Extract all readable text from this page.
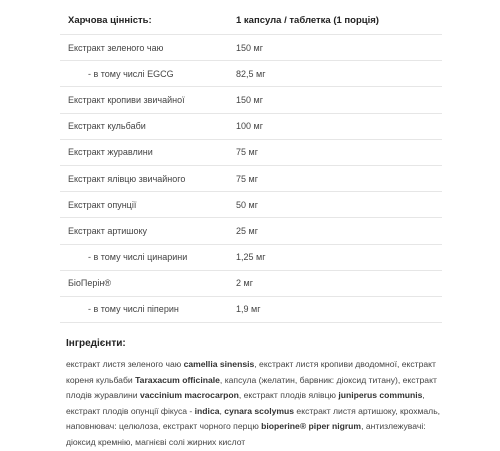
Харчова цінність:	1 капсула / таблетка (1 порція)
Екстракт зеленого чаю	150 мг
- в тому числі EGCG	82,5 мг
Екстракт кропиви звичайної	150 мг
Екстракт кульбаби	100 мг
Екстракт журавлини	75 мг
Екстракт ялівцю звичайного	75 мг
Екстракт опунції	50 мг
Екстракт артишоку	25 мг
- в тому числі цинарини	1,25 мг
БіоПерін®	2 мг
- в тому числі піперин	1,9 мг
Інгредієнти:

екстракт листя зеленого чаю camellia sinensis, екстракт листя кропиви дводомної, екстракт кореня кульбаби Taraxacum officinale, капсула (желатин, барвник: діоксид титану), екстракт плодів журавлини vaccinium macrocarpon, екстракт плодів ялівцю juniperus communis, екстракт плодів опунції фікуса - indica, cynara scolymus екстракт листя артишоку, крохмаль, наповнювач: целюлоза, екстракт чорного перцю bioperine® piper nigrum, антизлежувачі: діоксид кремнію, магнієві солі жирних кислот
